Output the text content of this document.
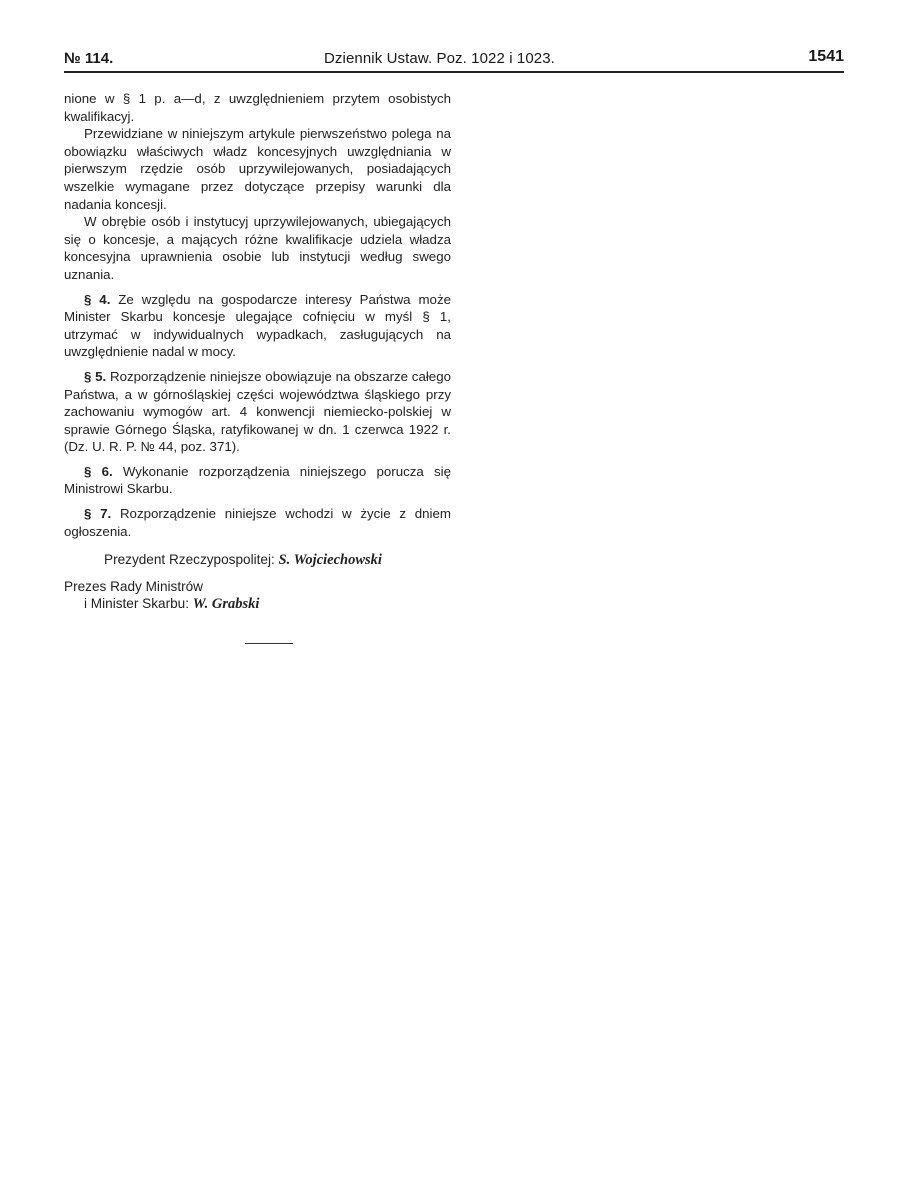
№ 114.	Dziennik Ustaw. Poz. 1022 i 1023.	1541

nione w § 1 p. a—d, z uwzględnieniem przytem osobistych kwalifikacyj.

Przewidziane w niniejszym artykule pierwszeństwo polega na obowiązku właściwych władz koncesyjnych uwzględniania w pierwszym rzędzie osób uprzywilejowanych, posiadających wszelkie wymagane przez dotyczące przepisy warunki dla nadania koncesji.

W obrębie osób i instytucyj uprzywilejowanych, ubiegających się o koncesje, a mających różne kwalifikacje udziela władza koncesyjna uprawnienia osobie lub instytucji według swego uznania.

§ 4. Ze względu na gospodarcze interesy Państwa może Minister Skarbu koncesje ulegające cofnięciu w myśl § 1, utrzymać w indywidualnych wypadkach, zasługujących na uwzględnienie nadal w mocy.

§ 5. Rozporządzenie niniejsze obowiązuje na obszarze całego Państwa, a w górnośląskiej części województwa śląskiego przy zachowaniu wymogów art. 4 konwencji niemiecko-polskiej w sprawie Górnego Śląska, ratyfikowanej w dn. 1 czerwca 1922 r. (Dz. U. R. P. № 44, poz. 371).

§ 6. Wykonanie rozporządzenia niniejszego porucza się Ministrowi Skarbu.

§ 7. Rozporządzenie niniejsze wchodzi w życie z dniem ogłoszenia.

Prezydent Rzeczypospolitej: S. Wojciechowski

Prezes Rady Ministrów

i Minister Skarbu: W. Grabski
